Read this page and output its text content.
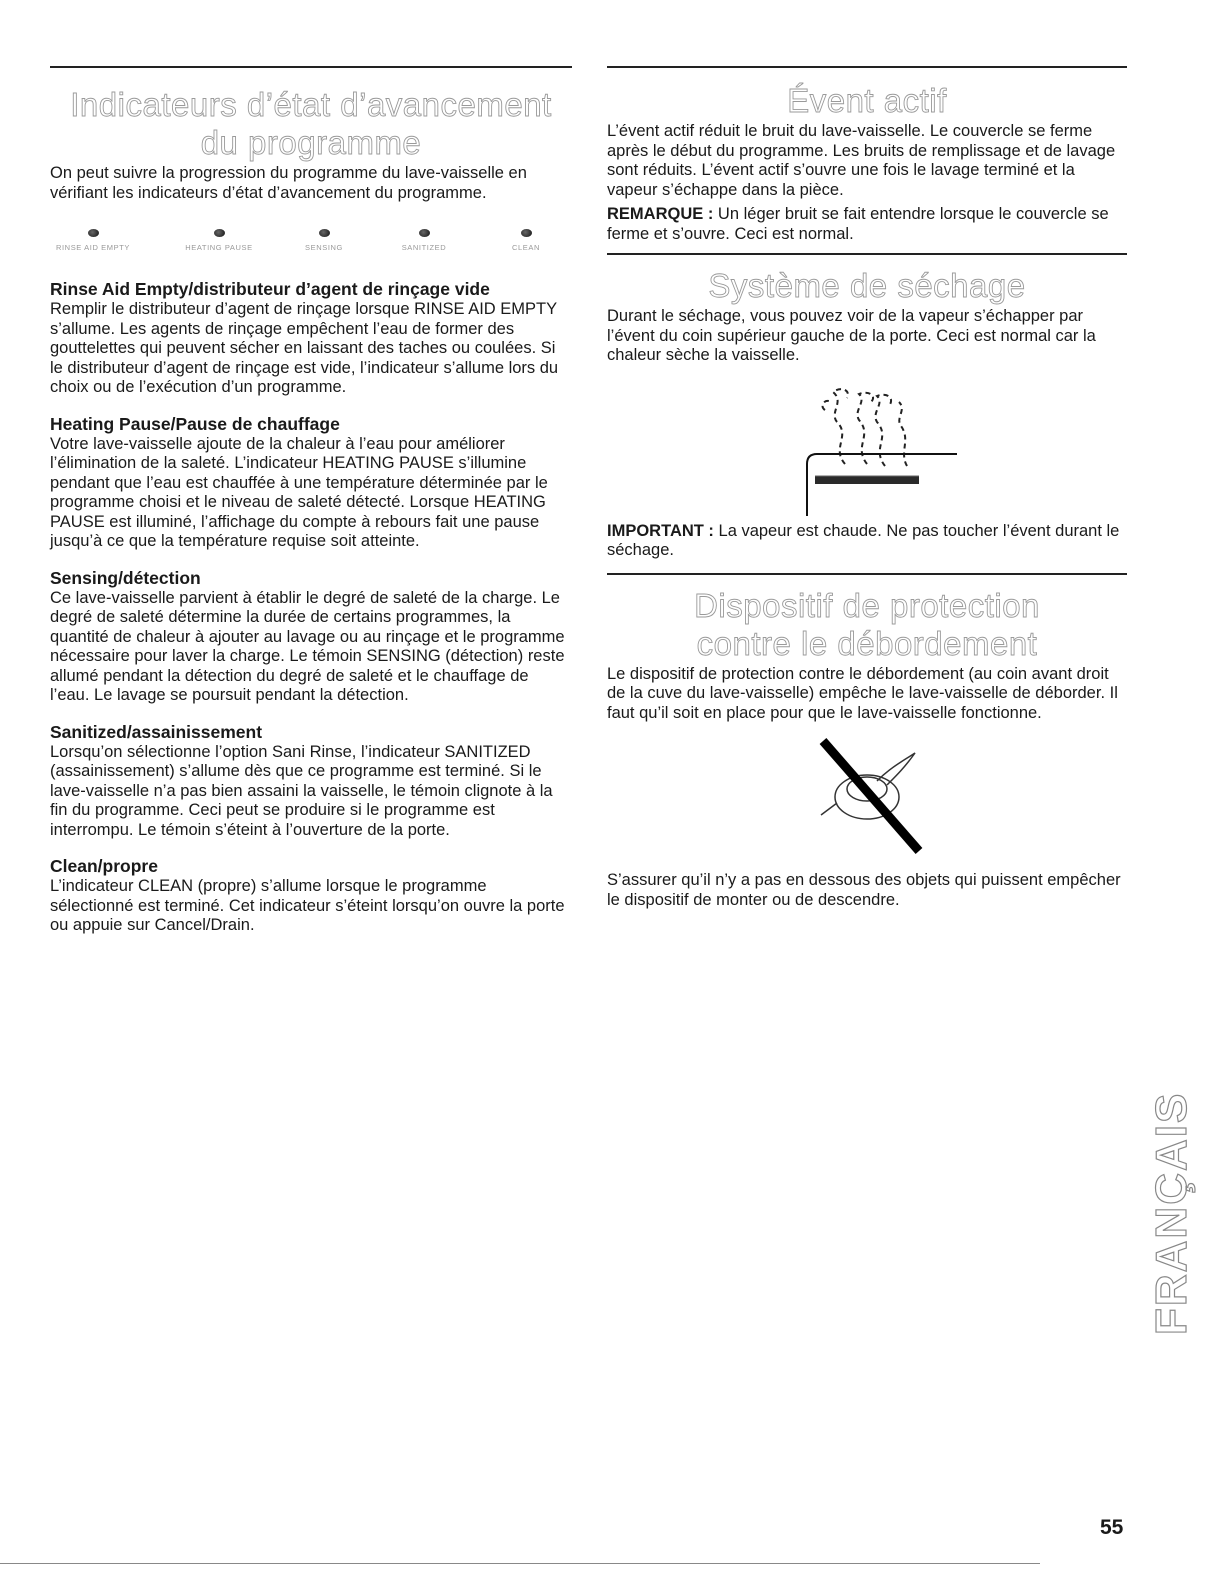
Indicateurs d’état d’avancement
du programme

On peut suivre la progression du programme du lave-vaisselle en vérifiant les indicateurs d’état d’avancement du programme.

RINSE AID EMPTY	HEATING PAUSE	SENSING	SANITIZED	CLEAN
Rinse Aid Empty/distributeur d’agent de rinçage vide

Remplir le distributeur d’agent de rinçage lorsque RINSE AID EMPTY s’allume. Les agents de rinçage empêchent l’eau de former des gouttelettes qui peuvent sécher en laissant des taches ou coulées. Si le distributeur d’agent de rinçage est vide, l’indicateur s’allume lors du choix ou de l’exécution d’un programme.

Heating Pause/Pause de chauffage

Votre lave-vaisselle ajoute de la chaleur à l’eau pour améliorer l’élimination de la saleté. L’indicateur HEATING PAUSE s’illumine pendant que l’eau est chauffée à une température déterminée par le programme choisi et le niveau de saleté détecté. Lorsque HEATING PAUSE est illuminé, l’affichage du compte à rebours fait une pause jusqu’à ce que la température requise soit atteinte.

Sensing/détection

Ce lave-vaisselle parvient à établir le degré de saleté de la charge. Le degré de saleté détermine la durée de certains programmes, la quantité de chaleur à ajouter au lavage ou au rinçage et le programme nécessaire pour laver la charge. Le témoin SENSING (détection) reste allumé pendant la détection du degré de saleté et le chauffage de l’eau. Le lavage se poursuit pendant la détection.

Sanitized/assainissement

Lorsqu’on sélectionne l’option Sani Rinse, l’indicateur SANITIZED (assainissement) s’allume dès que ce programme est terminé. Si le lave-vaisselle n’a pas bien assaini la vaisselle, le témoin clignote à la fin du programme. Ceci peut se produire si le programme est interrompu. Le témoin s’éteint à l’ouverture de la porte.

Clean/propre

L’indicateur CLEAN (propre) s’allume lorsque le programme sélectionné est terminé. Cet indicateur s’éteint lorsqu’on ouvre la porte ou appuie sur Cancel/Drain.

Évent actif

L’évent actif réduit le bruit du lave-vaisselle. Le couvercle se ferme après le début du programme. Les bruits de remplissage et de lavage sont réduits. L’évent actif s’ouvre une fois le lavage terminé et la vapeur s’échappe dans la pièce.

REMARQUE : Un léger bruit se fait entendre lorsque le couvercle se ferme et s’ouvre. Ceci est normal.

Système de séchage

Durant le séchage, vous pouvez voir de la vapeur s’échapper par l’évent du coin supérieur gauche de la porte. Ceci est normal car la chaleur sèche la vaisselle.

IMPORTANT : La vapeur est chaude. Ne pas toucher l’évent durant le séchage.

Dispositif de protection
contre le débordement

Le dispositif de protection contre le débordement (au coin avant droit de la cuve du lave-vaisselle) empêche le lave-vaisselle de déborder. Il faut qu’il soit en place pour que le lave-vaisselle fonctionne.

S’assurer qu’il n’y a pas en dessous des objets qui puissent empêcher le dispositif de monter ou de descendre.

FRANÇAIS
55
